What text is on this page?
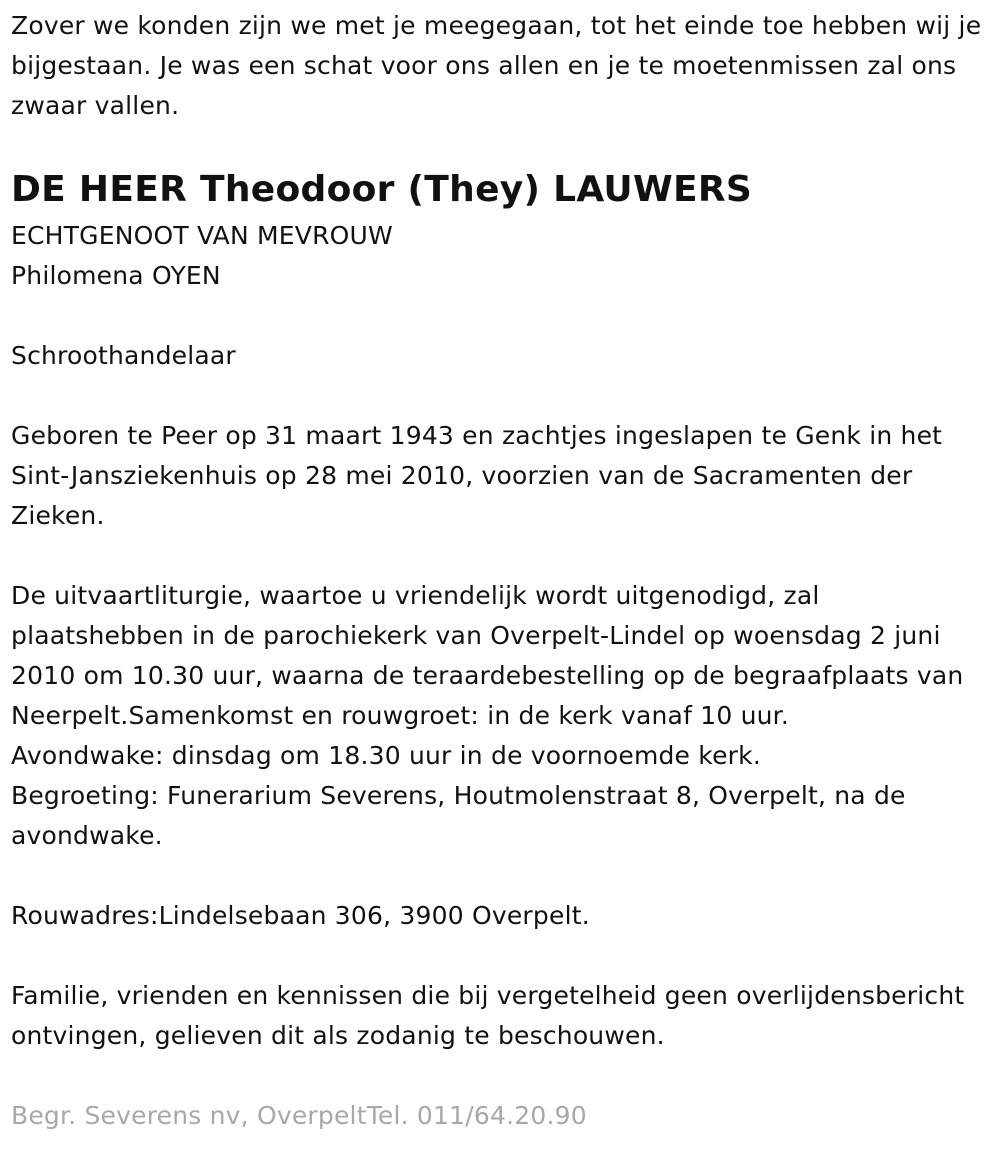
Zover we konden zijn we met je meegegaan, tot het einde toe hebben wij je bijgestaan. Je was een schat voor ons allen en je te moetenmissen zal ons zwaar vallen.

DE HEER Theodoor (They) LAUWERS

ECHTGENOOT VAN MEVROUW

Philomena OYEN

Schroothandelaar

Geboren te Peer op 31 maart 1943 en zachtjes ingeslapen te Genk in het Sint-Jansziekenhuis op 28 mei 2010, voorzien van de Sacramenten der Zieken.

De uitvaartliturgie, waartoe u vriendelijk wordt uitgenodigd, zal plaatshebben in de parochiekerk van Overpelt-Lindel op woensdag 2 juni 2010 om 10.30 uur, waarna de teraardebestelling op de begraafplaats van Neerpelt.Samenkomst en rouwgroet: in de kerk vanaf 10 uur.

Avondwake: dinsdag om 18.30 uur in de voornoemde kerk.

Begroeting: Funerarium Severens, Houtmolenstraat 8, Overpelt, na de avondwake.

Rouwadres:Lindelsebaan 306, 3900 Overpelt.

Familie, vrienden en kennissen die bij vergetelheid geen overlijdensbericht ontvingen, gelieven dit als zodanig te beschouwen.

Begr. Severens nv, OverpeltTel. 011/64.20.90
